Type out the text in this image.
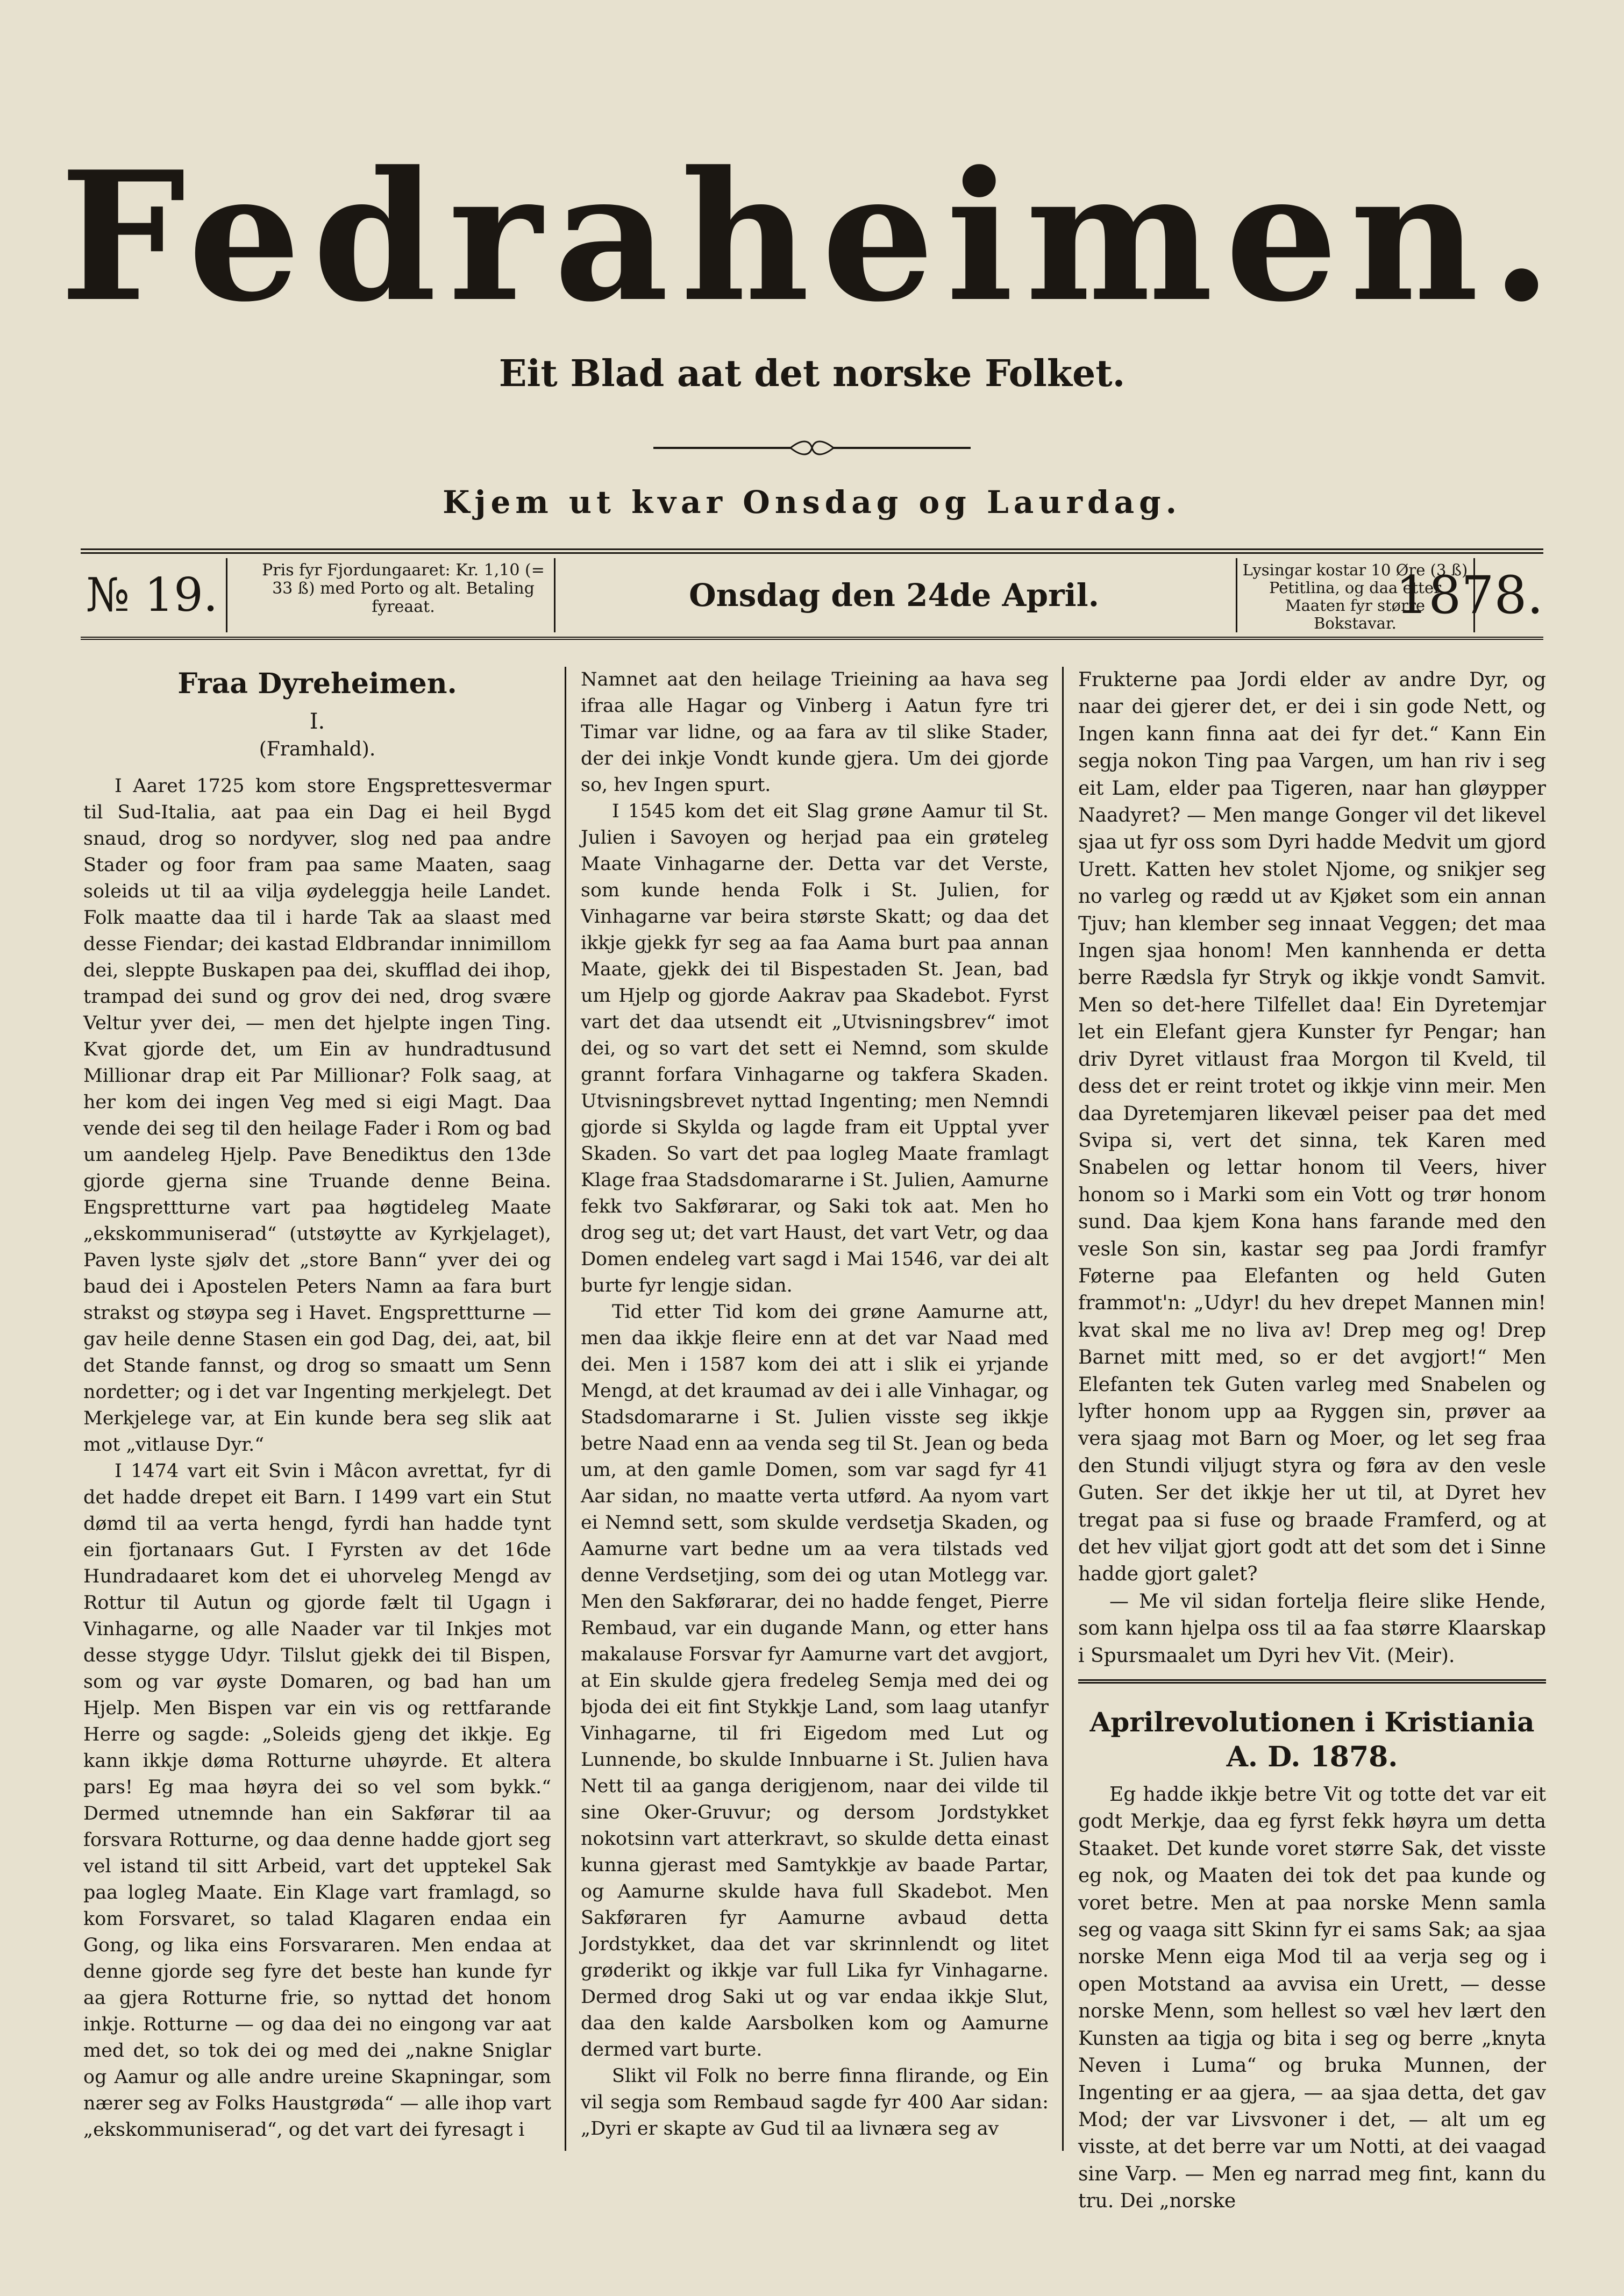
Fedraheimen.
Eit Blad aat det norske Folket.
Kjem ut kvar Onsdag og Laurdag.
№ 19.	Pris fyr Fjordungaaret: Kr. 1,10 (= 33 ß) med Porto og alt. Betaling fyreaat.	Onsdag den 24de April.
Lysingar kostar 10 Øre (3 ß) Petitlina, og daa etter Maaten fyr større Bokstavar.
1878.
Fraa Dyreheimen.
I.
(Framhald).

I Aaret 1725 kom store Engsprettesvermar til Sud-Italia, aat paa ein Dag ei heil Bygd snaud, drog so nordyver, slog ned paa andre Stader og foor fram paa same Maaten, saag soleids ut til aa vilja øydeleggja heile Landet. Folk maatte daa til i harde Tak aa slaast med desse Fiendar; dei kastad Eldbrandar innimillom dei, sleppte Buskapen paa dei, skufflad dei ihop, trampad dei sund og grov dei ned, drog svære Veltur yver dei, — men det hjelpte ingen Ting. Kvat gjorde det, um Ein av hundradtusund Millionar drap eit Par Millionar? Folk saag, at her kom dei ingen Veg med si eigi Magt. Daa vende dei seg til den heilage Fader i Rom og bad um aandeleg Hjelp. Pave Benediktus den 13de gjorde gjerna sine Truande denne Beina. Engsprettturne vart paa høgtideleg Maate „ekskommuniserad“ (utstøytte av Kyrkjelaget), Paven lyste sjølv det „store Bann“ yver dei og baud dei i Apostelen Peters Namn aa fara burt strakst og støypa seg i Havet. Engsprettturne — gav heile denne Stasen ein god Dag, dei, aat, bil det Stande fannst, og drog so smaatt um Senn nordetter; og i det var Ingenting merkjelegt. Det Merkjelege var, at Ein kunde bera seg slik aat mot „vitlause Dyr.“

I 1474 vart eit Svin i Mâcon avrettat, fyr di det hadde drepet eit Barn. I 1499 vart ein Stut dømd til aa verta hengd, fyrdi han hadde tynt ein fjortanaars Gut. I Fyrsten av det 16de Hundradaaret kom det ei uhorveleg Mengd av Rottur til Autun og gjorde fælt til Ugagn i Vinhagarne, og alle Naader var til Inkjes mot desse stygge Udyr. Tilslut gjekk dei til Bispen, som og var øyste Domaren, og bad han um Hjelp. Men Bispen var ein vis og rettfarande Herre og sagde: „Soleids gjeng det ikkje. Eg kann ikkje døma Rotturne uhøyrde. Et altera pars! Eg maa høyra dei so vel som bykk.“ Dermed utnemnde han ein Sakførar til aa forsvara Rotturne, og daa denne hadde gjort seg vel istand til sitt Arbeid, vart det upptekel Sak paa logleg Maate. Ein Klage vart framlagd, so kom Forsvaret, so talad Klagaren endaa ein Gong, og lika eins Forsvararen. Men endaa at denne gjorde seg fyre det beste han kunde fyr aa gjera Rotturne frie, so nyttad det honom inkje. Rotturne — og daa dei no eingong var aat med det, so tok dei og med dei „nakne Sniglar og Aamur og alle andre ureine Skapningar, som nærer seg av Folks Haustgrøda“ — alle ihop vart „ekskommuniserad“, og det vart dei fyresagt i

Namnet aat den heilage Trieining aa hava seg ifraa alle Hagar og Vinberg i Aatun fyre tri Timar var lidne, og aa fara av til slike Stader, der dei inkje Vondt kunde gjera. Um dei gjorde so, hev Ingen spurt.

I 1545 kom det eit Slag grøne Aamur til St. Julien i Savoyen og herjad paa ein grøteleg Maate Vinhagarne der. Detta var det Verste, som kunde henda Folk i St. Julien, for Vinhagarne var beira største Skatt; og daa det ikkje gjekk fyr seg aa faa Aama burt paa annan Maate, gjekk dei til Bispestaden St. Jean, bad um Hjelp og gjorde Aakrav paa Skadebot. Fyrst vart det daa utsendt eit „Utvisningsbrev“ imot dei, og so vart det sett ei Nemnd, som skulde grannt forfara Vinhagarne og takfera Skaden. Utvisningsbrevet nyttad Ingenting; men Nemndi gjorde si Skylda og lagde fram eit Upptal yver Skaden. So vart det paa logleg Maate framlagt Klage fraa Stadsdomararne i St. Julien, Aamurne fekk tvo Sakførarar, og Saki tok aat. Men ho drog seg ut; det vart Haust, det vart Vetr, og daa Domen endeleg vart sagd i Mai 1546, var dei alt burte fyr lengje sidan.

Tid etter Tid kom dei grøne Aamurne att, men daa ikkje fleire enn at det var Naad med dei. Men i 1587 kom dei att i slik ei yrjande Mengd, at det kraumad av dei i alle Vinhagar, og Stadsdomararne i St. Julien visste seg ikkje betre Naad enn aa venda seg til St. Jean og beda um, at den gamle Domen, som var sagd fyr 41 Aar sidan, no maatte verta utførd. Aa nyom vart ei Nemnd sett, som skulde verdsetja Skaden, og Aamurne vart bedne um aa vera tilstads ved denne Verdsetjing, som dei og utan Motlegg var. Men den Sakførarar, dei no hadde fenget, Pierre Rembaud, var ein dugande Mann, og etter hans makalause Forsvar fyr Aamurne vart det avgjort, at Ein skulde gjera fredeleg Semja med dei og bjoda dei eit fint Stykkje Land, som laag utanfyr Vinhagarne, til fri Eigedom med Lut og Lunnende, bo skulde Innbuarne i St. Julien hava Nett til aa ganga derigjenom, naar dei vilde til sine Oker-Gruvur; og dersom Jordstykket nokotsinn vart atterkravt, so skulde detta einast kunna gjerast med Samtykkje av baade Partar, og Aamurne skulde hava full Skadebot. Men Sakføraren fyr Aamurne avbaud detta Jordstykket, daa det var skrinnlendt og litet grøderikt og ikkje var full Lika fyr Vinhagarne. Dermed drog Saki ut og var endaa ikkje Slut, daa den kalde Aarsbolken kom og Aamurne dermed vart burte.

Slikt vil Folk no berre finna flirande, og Ein vil segja som Rembaud sagde fyr 400 Aar sidan: „Dyri er skapte av Gud til aa livnæra seg av

Frukterne paa Jordi elder av andre Dyr, og naar dei gjerer det, er dei i sin gode Nett, og Ingen kann finna aat dei fyr det.“ Kann Ein segja nokon Ting paa Vargen, um han riv i seg eit Lam, elder paa Tigeren, naar han gløypper Naadyret? — Men mange Gonger vil det likevel sjaa ut fyr oss som Dyri hadde Medvit um gjord Urett. Katten hev stolet Njome, og snikjer seg no varleg og rædd ut av Kjøket som ein annan Tjuv; han klember seg innaat Veggen; det maa Ingen sjaa honom! Men kannhenda er detta berre Rædsla fyr Stryk og ikkje vondt Samvit. Men so det-here Tilfellet daa! Ein Dyretemjar let ein Elefant gjera Kunster fyr Pengar; han driv Dyret vitlaust fraa Morgon til Kveld, til dess det er reint trotet og ikkje vinn meir. Men daa Dyretemjaren likevæl peiser paa det med Svipa si, vert det sinna, tek Karen med Snabelen og lettar honom til Veers, hiver honom so i Marki som ein Vott og trør honom sund. Daa kjem Kona hans farande med den vesle Son sin, kastar seg paa Jordi framfyr Føterne paa Elefanten og held Guten frammot'n: „Udyr! du hev drepet Mannen min! kvat skal me no liva av! Drep meg og! Drep Barnet mitt med, so er det avgjort!“ Men Elefanten tek Guten varleg med Snabelen og lyfter honom upp aa Ryggen sin, prøver aa vera sjaag mot Barn og Moer, og let seg fraa den Stundi viljugt styra og føra av den vesle Guten. Ser det ikkje her ut til, at Dyret hev tregat paa si fuse og braade Framferd, og at det hev viljat gjort godt att det som det i Sinne hadde gjort galet?

— Me vil sidan fortelja fleire slike Hende, som kann hjelpa oss til aa faa større Klaarskap i Spursmaalet um Dyri hev Vit. (Meir).

Aprilrevolutionen i Kristiania
A. D. 1878.

Eg hadde ikkje betre Vit og totte det var eit godt Merkje, daa eg fyrst fekk høyra um detta Staaket. Det kunde voret større Sak, det visste eg nok, og Maaten dei tok det paa kunde og voret betre. Men at paa norske Menn samla seg og vaaga sitt Skinn fyr ei sams Sak; aa sjaa norske Menn eiga Mod til aa verja seg og i open Motstand aa avvisa ein Urett, — desse norske Menn, som hellest so væl hev lært den Kunsten aa tigja og bita i seg og berre „knyta Neven i Luma“ og bruka Munnen, der Ingenting er aa gjera, — aa sjaa detta, det gav Mod; der var Livsvoner i det, — alt um eg visste, at det berre var um Notti, at dei vaagad sine Varp. — Men eg narrad meg fint, kann du tru. Dei „norske
